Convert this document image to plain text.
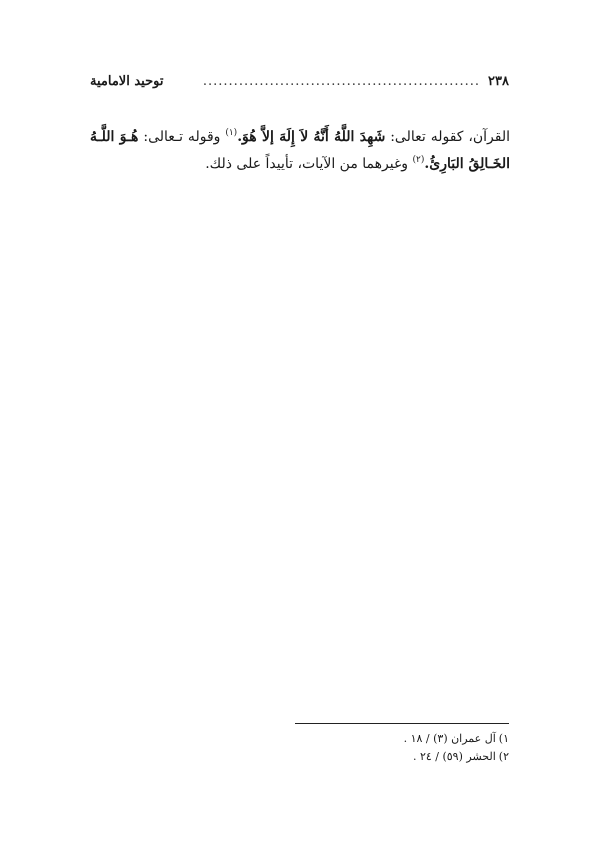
٢٣٨
......................................................
توحيد الامامية

القرآن، كقوله تعالى: شَهِدَ اللَّهُ أَنَّهُ لاَ إِلَهَ إلاَّ هُوَ.$^{(١)}$ وقوله تـعالى: هُـوَ اللَّـهُ الخَـالِقُ البَارِئُ.$^{(٢)}$ وغيرهما من الآيات، تأييداً على ذلك.

١)آل عمران (٣) / ١٨ .
٢)الحشر (٥٩) / ٢٤ .
